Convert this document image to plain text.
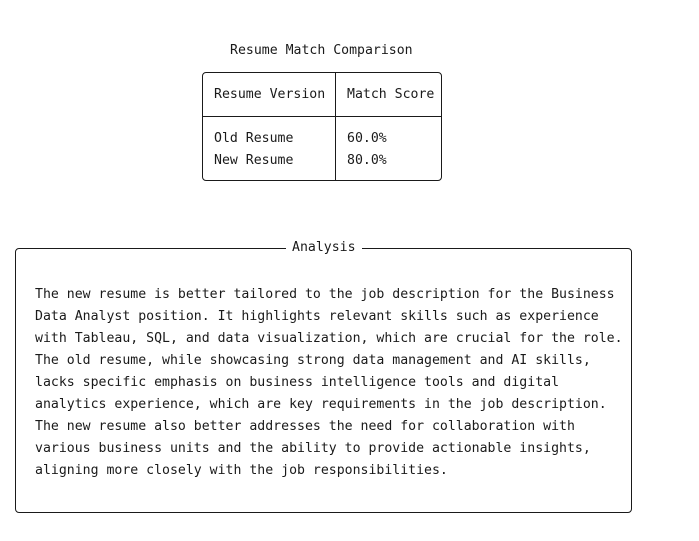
Resume Match Comparison
Resume Version Match Score
Old Resume	60.0%
New Resume	80.0%
Analysis
The new resume is better tailored to the job description for the Business
Data Analyst position. It highlights relevant skills such as experience
with Tableau, SQL, and data visualization, which are crucial for the role.
The old resume, while showcasing strong data management and AI skills,
lacks specific emphasis on business intelligence tools and digital
analytics experience, which are key requirements in the job description.
The new resume also better addresses the need for collaboration with
various business units and the ability to provide actionable insights,
aligning more closely with the job responsibilities.
